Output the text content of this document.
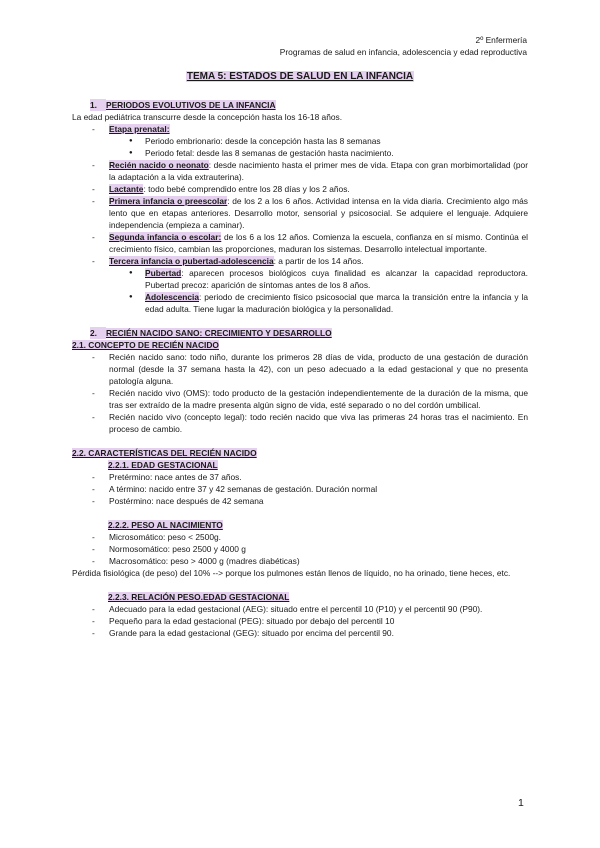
2º Enfermería
Programas de salud en infancia, adolescencia y edad reproductiva
TEMA 5: ESTADOS DE SALUD EN LA INFANCIA
1. PERIODOS EVOLUTIVOS DE LA INFANCIA

La edad pediátrica transcurre desde la concepción hasta los 16-18 años.

- Etapa prenatal:

● Periodo embrionario: desde la concepción hasta las 8 semanas

● Periodo fetal: desde las 8 semanas de gestación hasta nacimiento.

- Recién nacido o neonato: desde nacimiento hasta el primer mes de vida. Etapa con gran morbimortalidad (por la adaptación a la vida extrauterina).

- Lactante: todo bebé comprendido entre los 28 días y los 2 años.

- Primera infancia o preescolar: de los 2 a los 6 años. Actividad intensa en la vida diaria. Crecimiento algo más lento que en etapas anteriores. Desarrollo motor, sensorial y psicosocial. Se adquiere el lenguaje. Adquiere independencia (empieza a caminar).

- Segunda infancia o escolar: de los 6 a los 12 años. Comienza la escuela, confianza en sí mismo. Continúa el crecimiento físico, cambian las proporciones, maduran los sistemas. Desarrollo intelectual importante.

- Tercera infancia o pubertad-adolescencia: a partir de los 14 años.

● Pubertad: aparecen procesos biológicos cuya finalidad es alcanzar la capacidad reproductora. Pubertad precoz: aparición de síntomas antes de los 8 años.

● Adolescencia: periodo de crecimiento físico psicosocial que marca la transición entre la infancia y la edad adulta. Tiene lugar la maduración biológica y la personalidad.

2. RECIÉN NACIDO SANO: CRECIMIENTO Y DESARROLLO
2.1. CONCEPTO DE RECIÉN NACIDO

- Recién nacido sano: todo niño, durante los primeros 28 días de vida, producto de una gestación de duración normal (desde la 37 semana hasta la 42), con un peso adecuado a la edad gestacional y que no presenta patología alguna.

- Recién nacido vivo (OMS): todo producto de la gestación independientemente de la duración de la misma, que tras ser extraído de la madre presenta algún signo de vida, esté separado o no del cordón umbilical.

- Recién nacido vivo (concepto legal): todo recién nacido que viva las primeras 24 horas tras el nacimiento. En proceso de cambio.

2.2. CARACTERÍSTICAS DEL RECIÉN NACIDO
2.2.1. EDAD GESTACIONAL

- Pretérmino: nace antes de 37 años.

- A término: nacido entre 37 y 42 semanas de gestación. Duración normal

- Postérmino: nace después de 42 semana

2.2.2. PESO AL NACIMIENTO

- Microsomático: peso < 2500g.

- Normosomático: peso 2500 y 4000 g

- Macrosomático: peso > 4000 g (madres diabéticas)

Pérdida fisiológica (de peso) del 10% --> porque los pulmones están llenos de líquido, no ha orinado, tiene heces, etc.

2.2.3. RELACIÓN PESO.EDAD GESTACIONAL

- Adecuado para la edad gestacional (AEG): situado entre el percentil 10 (P10) y el percentil 90 (P90).

- Pequeño para la edad gestacional (PEG): situado por debajo del percentil 10

- Grande para la edad gestacional (GEG): situado por encima del percentil 90.

1
